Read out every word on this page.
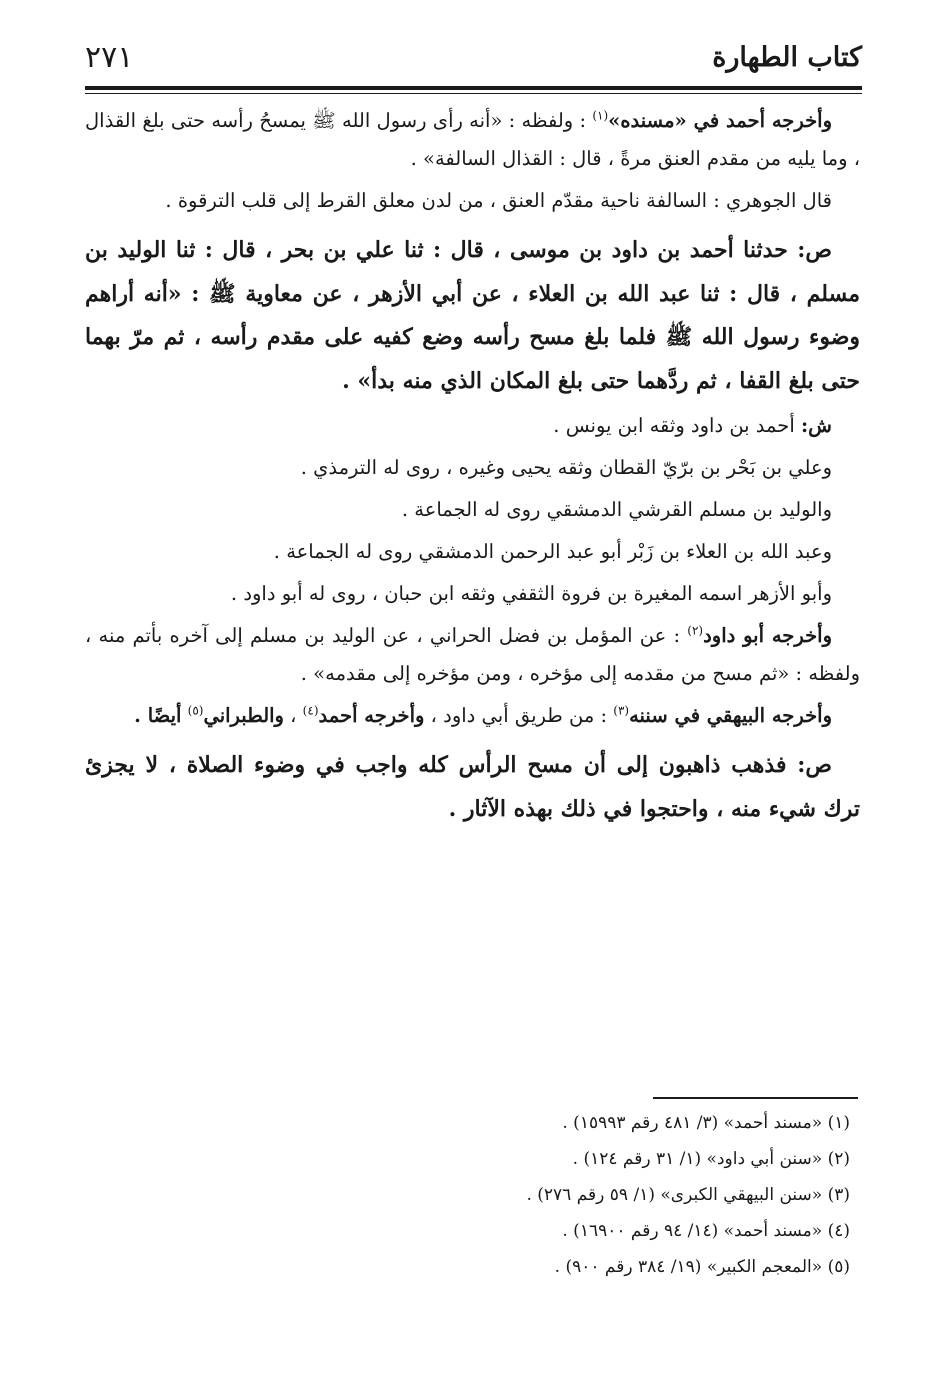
كتاب الطهارة
٢٧١

وأخرجه أحمد في «مسنده»$^{(١)}$ : ولفظه : «أنه رأى رسول الله ﷺ يمسحُ رأسه حتى بلغ القذال ، وما يليه من مقدم العنق مرةً ، قال : القذال السالفة» .

قال الجوهري : السالفة ناحية مقدّم العنق ، من لدن معلق القرط إلى قلب الترقوة .

ص: حدثنا أحمد بن داود بن موسى ، قال : ثنا علي بن بحر ، قال : ثنا الوليد بن مسلم ، قال : ثنا عبد الله بن العلاء ، عن أبي الأزهر ، عن معاوية ﷺ : «أنه أراهم وضوء رسول الله ﷺ فلما بلغ مسح رأسه وضع كفيه على مقدم رأسه ، ثم مرّ بهما حتى بلغ القفا ، ثم ردَّهما حتى بلغ المكان الذي منه بدأ» .

ش: أحمد بن داود وثقه ابن يونس .

وعلي بن بَحْر بن برّيّ القطان وثقه يحيى وغيره ، روى له الترمذي .

والوليد بن مسلم القرشي الدمشقي روى له الجماعة .

وعبد الله بن العلاء بن زَبْر أبو عبد الرحمن الدمشقي روى له الجماعة .

وأبو الأزهر اسمه المغيرة بن فروة الثقفي وثقه ابن حبان ، روى له أبو داود .

وأخرجه أبو داود$^{(٢)}$ : عن المؤمل بن فضل الحراني ، عن الوليد بن مسلم إلى آخره بأتم منه ، ولفظه : «ثم مسح من مقدمه إلى مؤخره ، ومن مؤخره إلى مقدمه» .

وأخرجه البيهقي في سننه$^{(٣)}$ : من طريق أبي داود ، وأخرجه أحمد$^{(٤)}$ ، والطبراني$^{(٥)}$ أيضًا .

ص: فذهب ذاهبون إلى أن مسح الرأس كله واجب في وضوء الصلاة ، لا يجزئ ترك شيء منه ، واحتجوا في ذلك بهذه الآثار .

(١) «مسند أحمد» (٣/ ٤٨١ رقم ١٥٩٩٣) .

(٢) «سنن أبي داود» (١/ ٣١ رقم ١٢٤) .

(٣) «سنن البيهقي الكبرى» (١/ ٥٩ رقم ٢٧٦) .

(٤) «مسند أحمد» (١٤/ ٩٤ رقم ١٦٩٠٠) .

(٥) «المعجم الكبير» (١٩/ ٣٨٤ رقم ٩٠٠) .
